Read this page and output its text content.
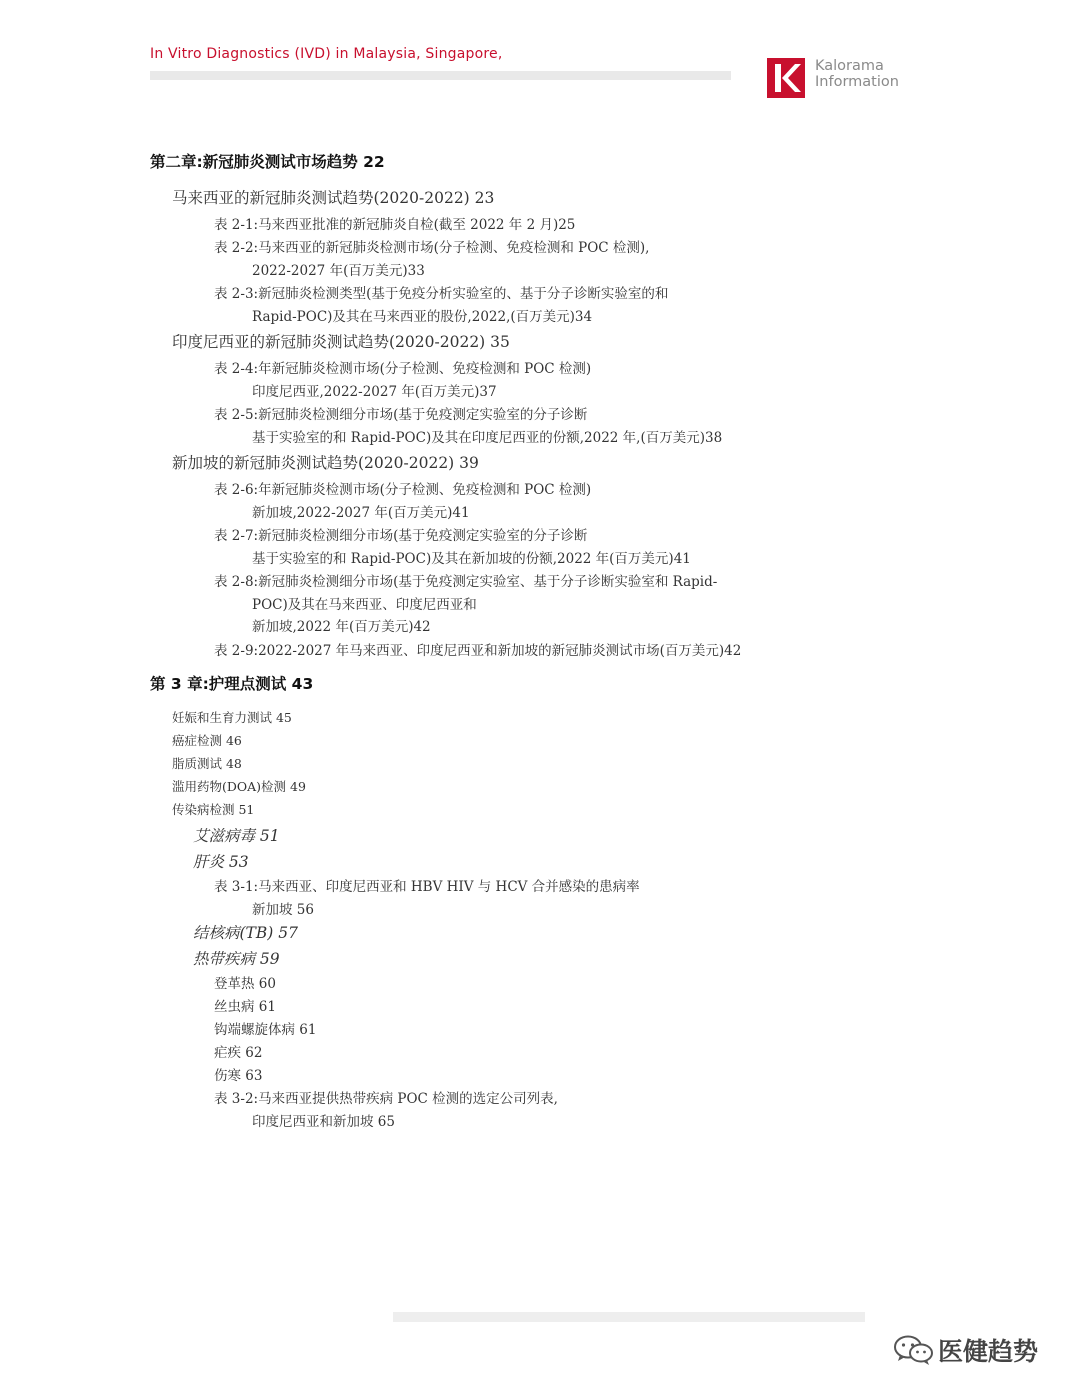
In Vitro Diagnostics (IVD) in Malaysia, Singapore,
Kalorama
Information
第二章:新冠肺炎测试市场趋势 22
马来西亚的新冠肺炎测试趋势(2020-2022) 23
表 2-1:马来西亚批准的新冠肺炎自检(截至 2022 年 2 月)25
表 2-2:马来西亚的新冠肺炎检测市场(分子检测、免疫检测和 POC 检测),
2022-2027 年(百万美元)33
表 2-3:新冠肺炎检测类型(基于免疫分析实验室的、基于分子诊断实验室的和
Rapid-POC)及其在马来西亚的股份,2022,(百万美元)34
印度尼西亚的新冠肺炎测试趋势(2020-2022) 35
表 2-4:年新冠肺炎检测市场(分子检测、免疫检测和 POC 检测)
印度尼西亚,2022-2027 年(百万美元)37
表 2-5:新冠肺炎检测细分市场(基于免疫测定实验室的分子诊断
基于实验室的和 Rapid-POC)及其在印度尼西亚的份额,2022 年,(百万美元)38
新加坡的新冠肺炎测试趋势(2020-2022) 39
表 2-6:年新冠肺炎检测市场(分子检测、免疫检测和 POC 检测)
新加坡,2022-2027 年(百万美元)41
表 2-7:新冠肺炎检测细分市场(基于免疫测定实验室的分子诊断
基于实验室的和 Rapid-POC)及其在新加坡的份额,2022 年(百万美元)41
表 2-8:新冠肺炎检测细分市场(基于免疫测定实验室、基于分子诊断实验室和 Rapid-
POC)及其在马来西亚、印度尼西亚和
新加坡,2022 年(百万美元)42
表 2-9:2022-2027 年马来西亚、印度尼西亚和新加坡的新冠肺炎测试市场(百万美元)42
第 3 章:护理点测试 43
妊娠和生育力测试 45
癌症检测 46
脂质测试 48
滥用药物(DOA)检测 49
传染病检测 51
艾滋病毒 51
肝炎 53
表 3-1:马来西亚、印度尼西亚和 HBV HIV 与 HCV 合并感染的患病率
新加坡 56
结核病(TB) 57
热带疾病 59
登革热 60
丝虫病 61
钩端螺旋体病 61
疟疾 62
伤寒 63
表 3-2:马来西亚提供热带疾病 POC 检测的选定公司列表,
印度尼西亚和新加坡 65
医健趋势
